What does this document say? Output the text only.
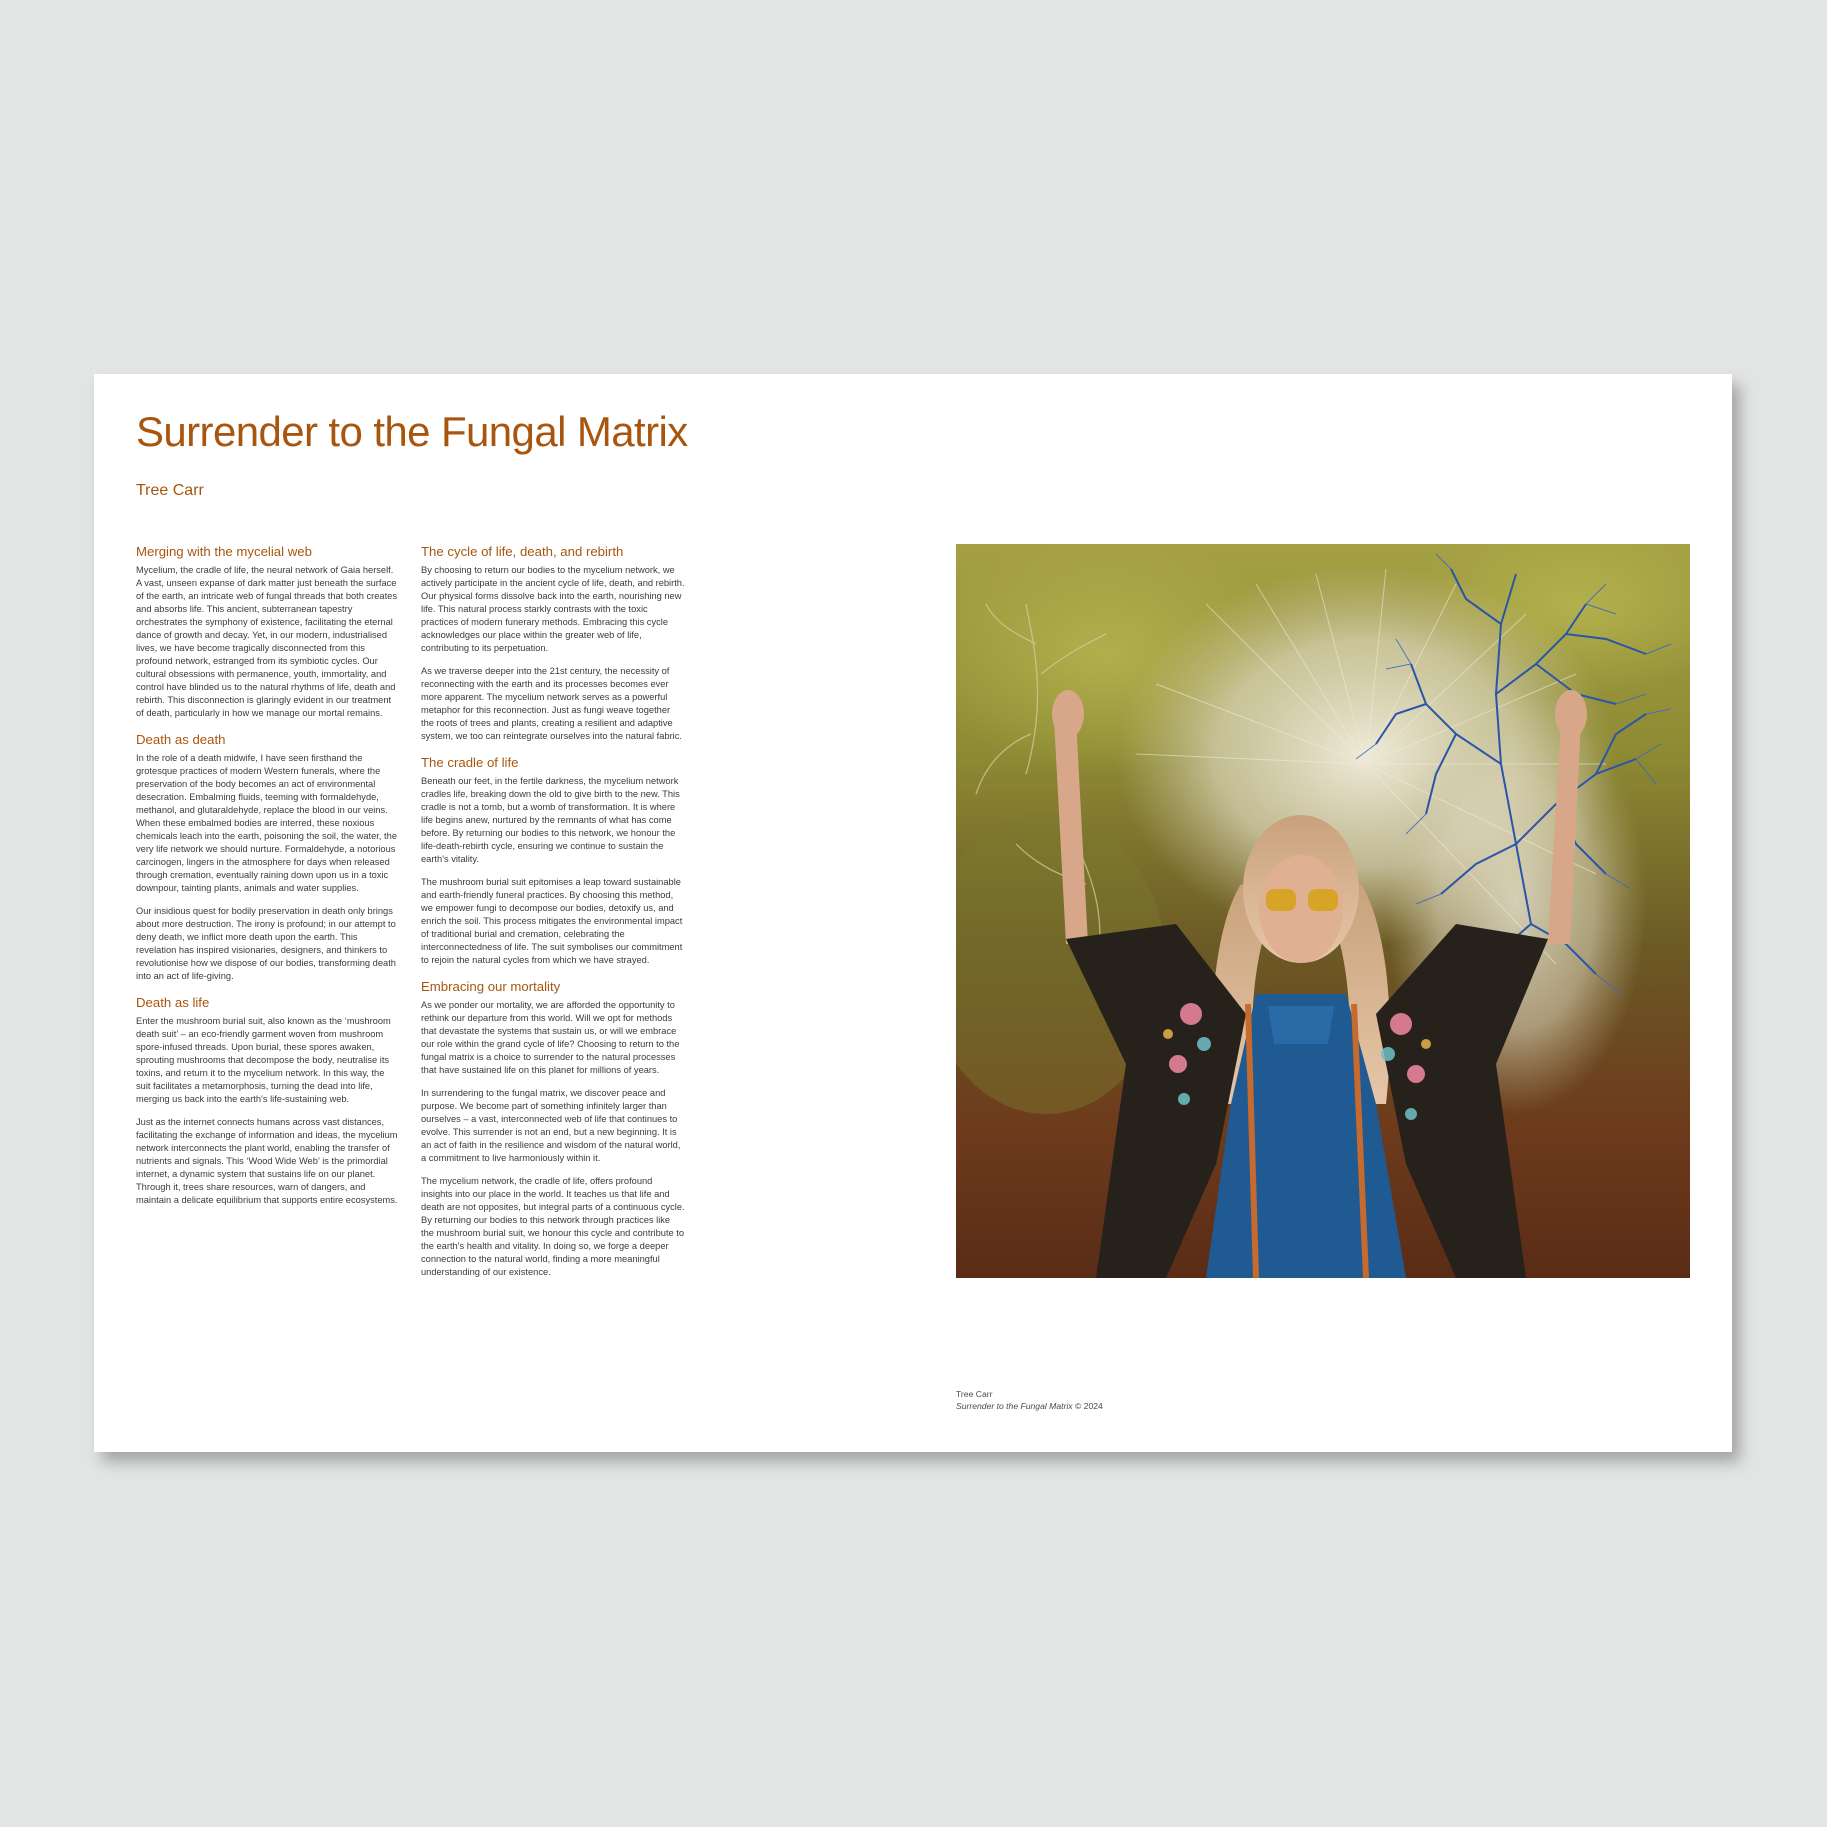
Surrender to the Fungal Matrix
Tree Carr
Merging with the mycelial web

Mycelium, the cradle of life, the neural network of Gaia herself. A vast, unseen expanse of dark matter just beneath the surface of the earth, an intricate web of fungal threads that both creates and absorbs life. This ancient, subterranean tapestry orchestrates the symphony of existence, facilitating the eternal dance of growth and decay. Yet, in our modern, industrialised lives, we have become tragically disconnected from this profound network, estranged from its symbiotic cycles. Our cultural obsessions with permanence, youth, immortality, and control have blinded us to the natural rhythms of life, death and rebirth. This disconnection is glaringly evident in our treatment of death, particularly in how we manage our mortal remains.

Death as death

In the role of a death midwife, I have seen firsthand the grotesque practices of modern Western funerals, where the preservation of the body becomes an act of environmental desecration. Embalming fluids, teeming with formaldehyde, methanol, and glutaraldehyde, replace the blood in our veins. When these embalmed bodies are interred, these noxious chemicals leach into the earth, poisoning the soil, the water, the very life network we should nurture. Formaldehyde, a notorious carcinogen, lingers in the atmosphere for days when released through cremation, eventually raining down upon us in a toxic downpour, tainting plants, animals and water supplies.

Our insidious quest for bodily preservation in death only brings about more destruction. The irony is profound; in our attempt to deny death, we inflict more death upon the earth. This revelation has inspired visionaries, designers, and thinkers to revolutionise how we dispose of our bodies, transforming death into an act of life-giving.

Death as life

Enter the mushroom burial suit, also known as the ‘mushroom death suit’ – an eco-friendly garment woven from mushroom spore-infused threads. Upon burial, these spores awaken, sprouting mushrooms that decompose the body, neutralise its toxins, and return it to the mycelium network. In this way, the suit facilitates a metamorphosis, turning the dead into life, merging us back into the earth's life-sustaining web.

Just as the internet connects humans across vast distances, facilitating the exchange of information and ideas, the mycelium network interconnects the plant world, enabling the transfer of nutrients and signals. This ‘Wood Wide Web’ is the primordial internet, a dynamic system that sustains life on our planet. Through it, trees share resources, warn of dangers, and maintain a delicate equilibrium that supports entire ecosystems.

The cycle of life, death, and rebirth

By choosing to return our bodies to the mycelium network, we actively participate in the ancient cycle of life, death, and rebirth. Our physical forms dissolve back into the earth, nourishing new life. This natural process starkly contrasts with the toxic practices of modern funerary methods. Embracing this cycle acknowledges our place within the greater web of life, contributing to its perpetuation.

As we traverse deeper into the 21st century, the necessity of reconnecting with the earth and its processes becomes ever more apparent. The mycelium network serves as a powerful metaphor for this reconnection. Just as fungi weave together the roots of trees and plants, creating a resilient and adaptive system, we too can reintegrate ourselves into the natural fabric.

The cradle of life

Beneath our feet, in the fertile darkness, the mycelium network cradles life, breaking down the old to give birth to the new. This cradle is not a tomb, but a womb of transformation. It is where life begins anew, nurtured by the remnants of what has come before. By returning our bodies to this network, we honour the life-death-rebirth cycle, ensuring we continue to sustain the earth's vitality.

The mushroom burial suit epitomises a leap toward sustainable and earth-friendly funeral practices. By choosing this method, we empower fungi to decompose our bodies, detoxify us, and enrich the soil. This process mitigates the environmental impact of traditional burial and cremation, celebrating the interconnectedness of life. The suit symbolises our commitment to rejoin the natural cycles from which we have strayed.

Embracing our mortality

As we ponder our mortality, we are afforded the opportunity to rethink our departure from this world. Will we opt for methods that devastate the systems that sustain us, or will we embrace our role within the grand cycle of life? Choosing to return to the fungal matrix is a choice to surrender to the natural processes that have sustained life on this planet for millions of years.

In surrendering to the fungal matrix, we discover peace and purpose. We become part of something infinitely larger than ourselves – a vast, interconnected web of life that continues to evolve. This surrender is not an end, but a new beginning. It is an act of faith in the resilience and wisdom of the natural world, a commitment to live harmoniously within it.

The mycelium network, the cradle of life, offers profound insights into our place in the world. It teaches us that life and death are not opposites, but integral parts of a continuous cycle. By returning our bodies to this network through practices like the mushroom burial suit, we honour this cycle and contribute to the earth's health and vitality. In doing so, we forge a deeper connection to the natural world, finding a more meaningful understanding of our existence.

Tree Carr
Surrender to the Fungal Matrix © 2024
